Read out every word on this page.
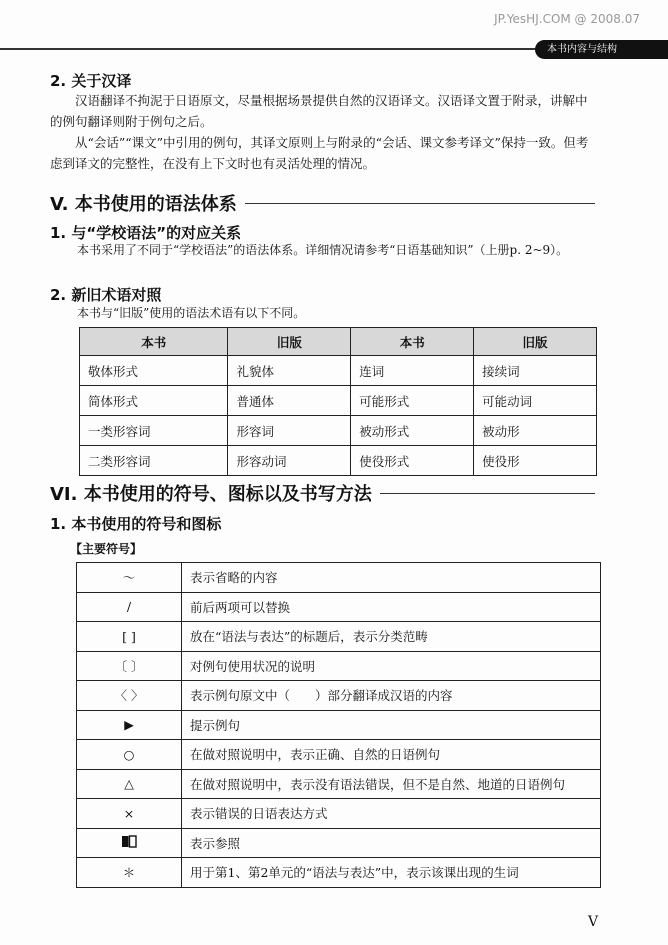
JP.YesHJ.COM @ 2008.07
本书内容与结构
2. 关于汉译
汉语翻译不拘泥于日语原文，尽量根据场景提供自然的汉语译文。汉语译文置于附录，讲解中的例句翻译则附于例句之后。
从“会话”“课文”中引用的例句，其译文原则上与附录的“会话、课文参考译文”保持一致。但考虑到译文的完整性，在没有上下文时也有灵活处理的情况。
V. 本书使用的语法体系
1. 与“学校语法”的对应关系
本书采用了不同于“学校语法”的语法体系。详细情况请参考“日语基础知识”（上册p. 2~9）。
2. 新旧术语对照
本书与“旧版”使用的语法术语有以下不同。
本书	旧版	本书	旧版
敬体形式	礼貌体	连词	接续词
简体形式	普通体	可能形式	可能动词
一类形容词	形容词	被动形式	被动形
二类形容词	形容动词	使役形式	使役形
VI. 本书使用的符号、图标以及书写方法
1. 本书使用的符号和图标
【主要符号】
～	表示省略的内容
/	前后两项可以替换
[ ]	放在“语法与表达”的标题后，表示分类范畴
〔 〕	对例句使用状况的说明
〈 〉	表示例句原文中（　　）部分翻译成汉语的内容
▶	提示例句
○	在做对照说明中，表示正确、自然的日语例句
△	在做对照说明中，表示没有语法错误，但不是自然、地道的日语例句
×	表示错误的日语表达方式
	表示参照
＊	用于第1、第2单元的“语法与表达”中，表示该课出现的生词
V
